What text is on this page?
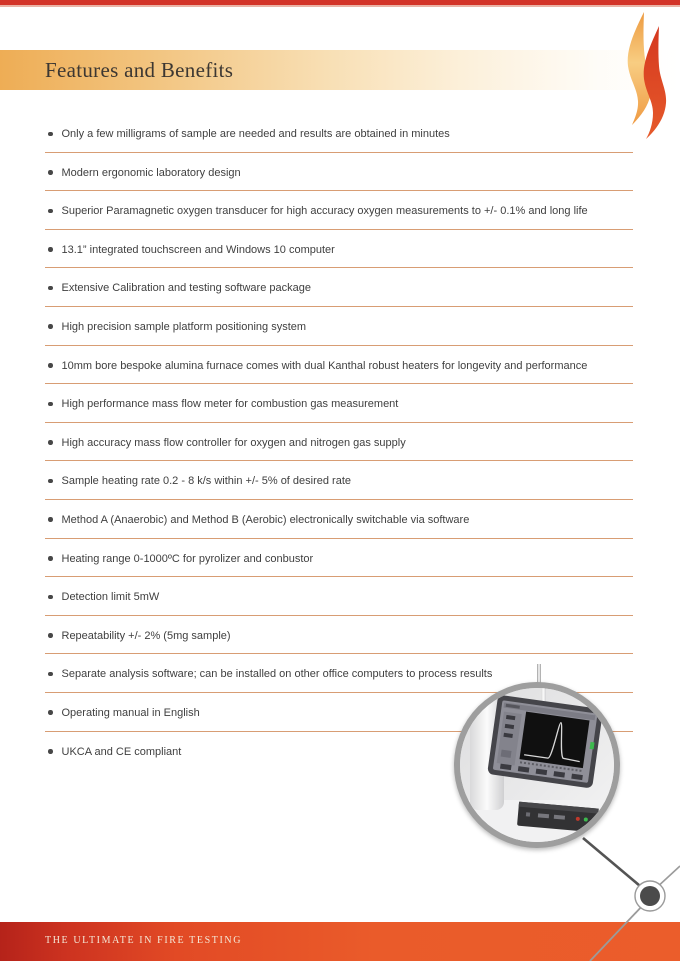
Features and Benefits
Only a few milligrams of sample are needed and results are obtained in minutes
Modern ergonomic laboratory design
Superior Paramagnetic oxygen transducer for high accuracy oxygen measurements to +/- 0.1% and long life
13.1” integrated touchscreen and Windows 10 computer
Extensive Calibration and testing software package
High precision sample platform positioning system
10mm bore bespoke alumina furnace comes with dual Kanthal robust heaters for longevity and performance
High performance mass flow meter for combustion gas measurement
High accuracy mass flow controller for oxygen and nitrogen gas supply
Sample heating rate 0.2 - 8 k/s within +/- 5% of desired rate
Method A (Anaerobic) and Method B (Aerobic) electronically switchable via software
Heating range 0-1000ºC for pyrolizer and conbustor
Detection limit 5mW
Repeatability +/- 2% (5mg sample)
Separate analysis software; can be installed on other office computers to process results
Operating manual in English
UKCA and CE compliant
THE ULTIMATE IN FIRE TESTING
